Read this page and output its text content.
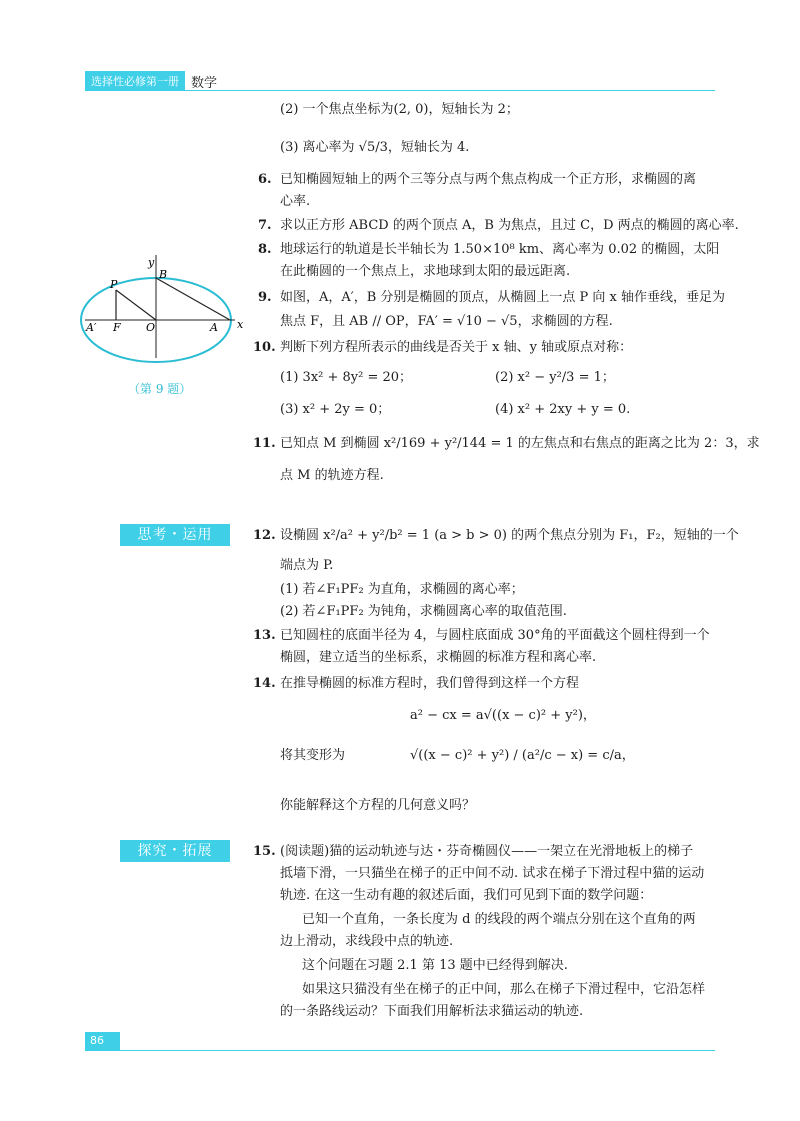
选择性必修第一册 数学
(2) 一个焦点坐标为(2, 0)，短轴长为 2；
(3) 离心率为 √5/3，短轴长为 4.
6. 已知椭圆短轴上的两个三等分点与两个焦点构成一个正方形，求椭圆的离
心率.
7. 求以正方形 ABCD 的两个顶点 A，B 为焦点，且过 C，D 两点的椭圆的离心率.
8. 地球运行的轨道是长半轴长为 1.50×10⁸ km、离心率为 0.02 的椭圆，太阳
在此椭圆的一个焦点上，求地球到太阳的最远距离.
9. 如图，A，A′，B 分别是椭圆的顶点，从椭圆上一点 P 向 x 轴作垂线，垂足为
焦点 F，且 AB // OP，FA′ = √10 − √5，求椭圆的方程.
y
x
B
P
A′ F O	A
（第 9 题）
10. 判断下列方程所表示的曲线是否关于 x 轴、y 轴或原点对称：
(1) 3x² + 8y² = 20；	(2) x² − y²/3 = 1；
(3) x² + 2y = 0；	(4) x² + 2xy + y = 0.
11. 已知点 M 到椭圆 x²/169 + y²/144 = 1 的左焦点和右焦点的距离之比为 2：3，求
点 M 的轨迹方程.
思考・运用	12. 设椭圆 x²/a² + y²/b² = 1 (a > b > 0) 的两个焦点分别为 F₁，F₂，短轴的一个
端点为 P.
(1) 若∠F₁PF₂ 为直角，求椭圆的离心率；
(2) 若∠F₁PF₂ 为钝角，求椭圆离心率的取值范围.
13. 已知圆柱的底面半径为 4，与圆柱底面成 30°角的平面截这个圆柱得到一个
椭圆，建立适当的坐标系，求椭圆的标准方程和离心率.
14. 在推导椭圆的标准方程时，我们曾得到这样一个方程
a² − cx = a√((x − c)² + y²)，
将其变形为	√((x − c)² + y²) / (a²/c − x) = c/a，
你能解释这个方程的几何意义吗？
探究・拓展	15. (阅读题)猫的运动轨迹与达・芬奇椭圆仪——一架立在光滑地板上的梯子
抵墙下滑，一只猫坐在梯子的正中间不动. 试求在梯子下滑过程中猫的运动
轨迹. 在这一生动有趣的叙述后面，我们可见到下面的数学问题：
已知一个直角，一条长度为 d 的线段的两个端点分别在这个直角的两
边上滑动，求线段中点的轨迹.
这个问题在习题 2.1 第 13 题中已经得到解决.
如果这只猫没有坐在梯子的正中间，那么在梯子下滑过程中，它沿怎样
的一条路线运动？下面我们用解析法求猫运动的轨迹.
86
